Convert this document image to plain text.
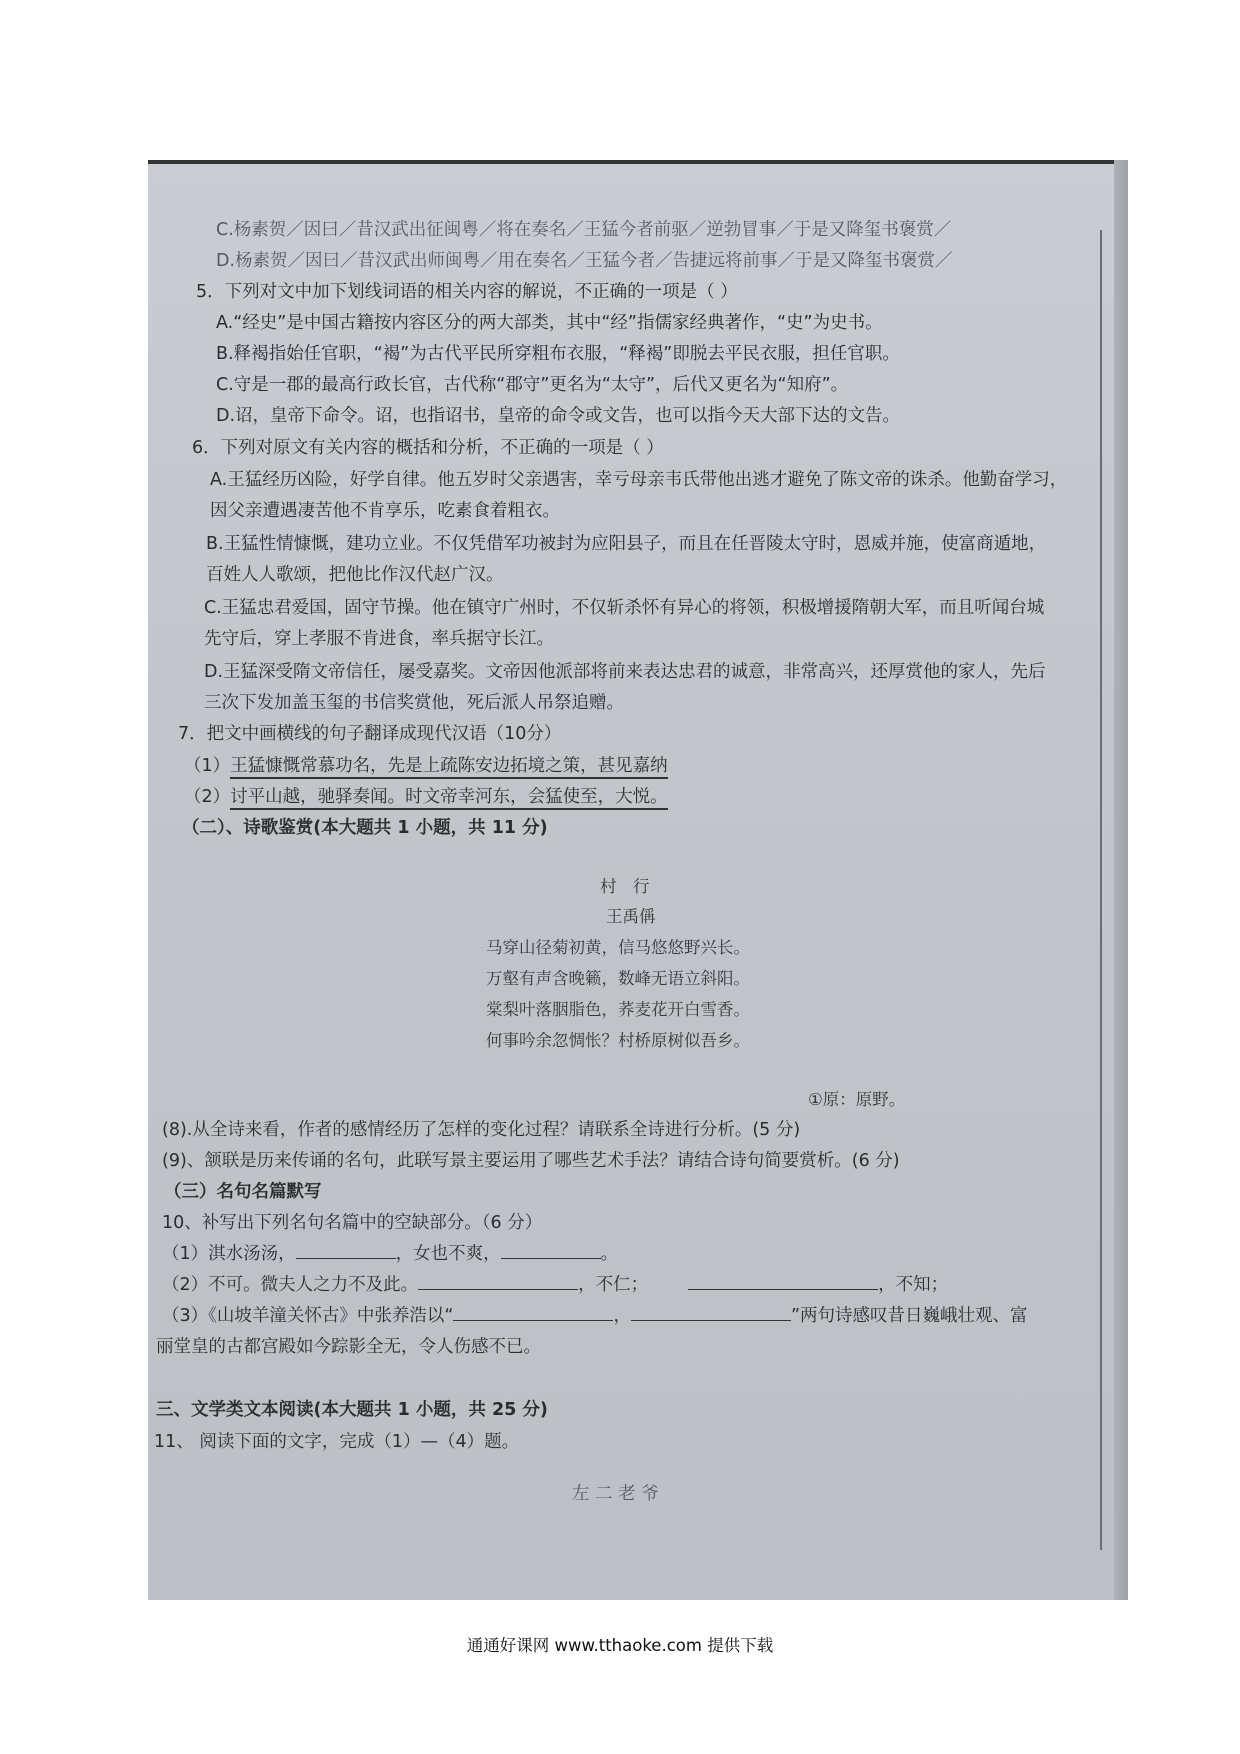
C.杨素贺／因曰／昔汉武出征闽粤／将在奏名／王猛今者前驱／逆勃冒事／于是又降玺书褒赏／
D.杨素贺／因曰／昔汉武出师闽粤／用在奏名／王猛今者／告捷远将前事／于是又降玺书褒赏／
5．下列对文中加下划线词语的相关内容的解说，不正确的一项是（ ）
A.“经史”是中国古籍按内容区分的两大部类，其中“经”指儒家经典著作，“史”为史书。
B.释褐指始任官职，“褐”为古代平民所穿粗布衣服，“释褐”即脱去平民衣服，担任官职。
C.守是一郡的最高行政长官，古代称“郡守”更名为“太守”，后代又更名为“知府”。
D.诏，皇帝下命令。诏，也指诏书，皇帝的命令或文告，也可以指今天大部下达的文告。
6．下列对原文有关内容的概括和分析，不正确的一项是（ ）
A.王猛经历凶险，好学自律。他五岁时父亲遇害，幸亏母亲韦氏带他出逃才避免了陈文帝的诛杀。他勤奋学习，
因父亲遭遇凄苦他不肯享乐，吃素食着粗衣。
B.王猛性情慷慨，建功立业。不仅凭借军功被封为应阳县子，而且在任晋陵太守时，恩威并施，使富商遁地，
百姓人人歌颂，把他比作汉代赵广汉。
C.王猛忠君爱国，固守节操。他在镇守广州时，不仅斩杀怀有异心的将领，积极增援隋朝大军，而且听闻台城
先守后，穿上孝服不肯进食，率兵据守长江。
D.王猛深受隋文帝信任，屡受嘉奖。文帝因他派部将前来表达忠君的诚意，非常高兴，还厚赏他的家人，先后
三次下发加盖玉玺的书信奖赏他，死后派人吊祭追赠。
7．把文中画横线的句子翻译成现代汉语（10分）
（1）王猛慷慨常慕功名，先是上疏陈安边拓境之策，甚见嘉纳
（2）讨平山越，驰驿奏闻。时文帝幸河东，会猛使至，大悦。
（二）、诗歌鉴赏(本大题共 1 小题，共 11 分)
村　行
王禹偁
马穿山径菊初黄，信马悠悠野兴长。
万壑有声含晚籁，数峰无语立斜阳。
棠梨叶落胭脂色，荞麦花开白雪香。
何事吟余忽惆怅？村桥原树似吾乡。
①原：原野。
(8).从全诗来看，作者的感情经历了怎样的变化过程？请联系全诗进行分析。(5 分)
(9)、颔联是历来传诵的名句，此联写景主要运用了哪些艺术手法？请结合诗句简要赏析。(6 分)
（三）名句名篇默写
10、补写出下列名句名篇中的空缺部分。（6 分）
（1）淇水汤汤，	，女也不爽，	。
（2）不可。微夫人之力不及此。	，不仁；	，不知；
（3）《山坡羊潼关怀古》中张养浩以“	，	”两句诗感叹昔日巍峨壮观、富
丽堂皇的古都宫殿如今踪影全无，令人伤感不已。
三、文学类文本阅读(本大题共 1 小题，共 25 分)
11、 阅读下面的文字，完成（1）—（4）题。
左 二 老 爷
通通好课网 www.tthaoke.com 提供下载
